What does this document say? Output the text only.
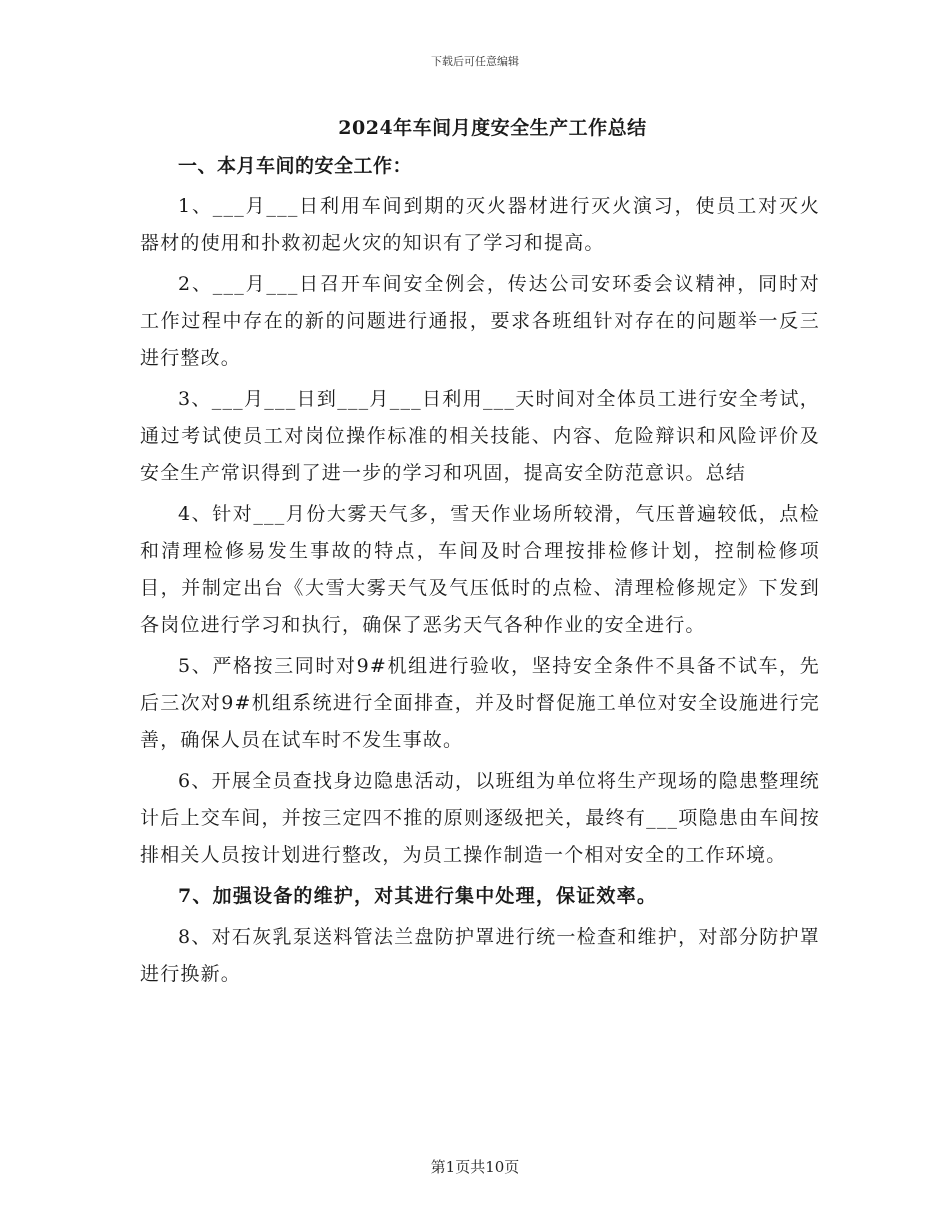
下载后可任意编辑
2024年车间月度安全生产工作总结
一、本月车间的安全工作：

1、___月___日利用车间到期的灭火器材进行灭火演习，使员工对灭火器材的使用和扑救初起火灾的知识有了学习和提高。

2、___月___日召开车间安全例会，传达公司安环委会议精神，同时对工作过程中存在的新的问题进行通报，要求各班组针对存在的问题举一反三进行整改。

3、___月___日到___月___日利用___天时间对全体员工进行安全考试，通过考试使员工对岗位操作标准的相关技能、内容、危险辩识和风险评价及安全生产常识得到了进一步的学习和巩固，提高安全防范意识。总结

4、针对___月份大雾天气多，雪天作业场所较滑，气压普遍较低，点检和清理检修易发生事故的特点，车间及时合理按排检修计划，控制检修项目，并制定出台《大雪大雾天气及气压低时的点检、清理检修规定》下发到各岗位进行学习和执行，确保了恶劣天气各种作业的安全进行。

5、严格按三同时对9#机组进行验收，坚持安全条件不具备不试车，先后三次对9#机组系统进行全面排查，并及时督促施工单位对安全设施进行完善，确保人员在试车时不发生事故。

6、开展全员查找身边隐患活动，以班组为单位将生产现场的隐患整理统计后上交车间，并按三定四不推的原则逐级把关，最终有___项隐患由车间按排相关人员按计划进行整改，为员工操作制造一个相对安全的工作环境。

7、加强设备的维护，对其进行集中处理，保证效率。

8、对石灰乳泵送料管法兰盘防护罩进行统一检查和维护，对部分防护罩进行换新。

第1页共10页
